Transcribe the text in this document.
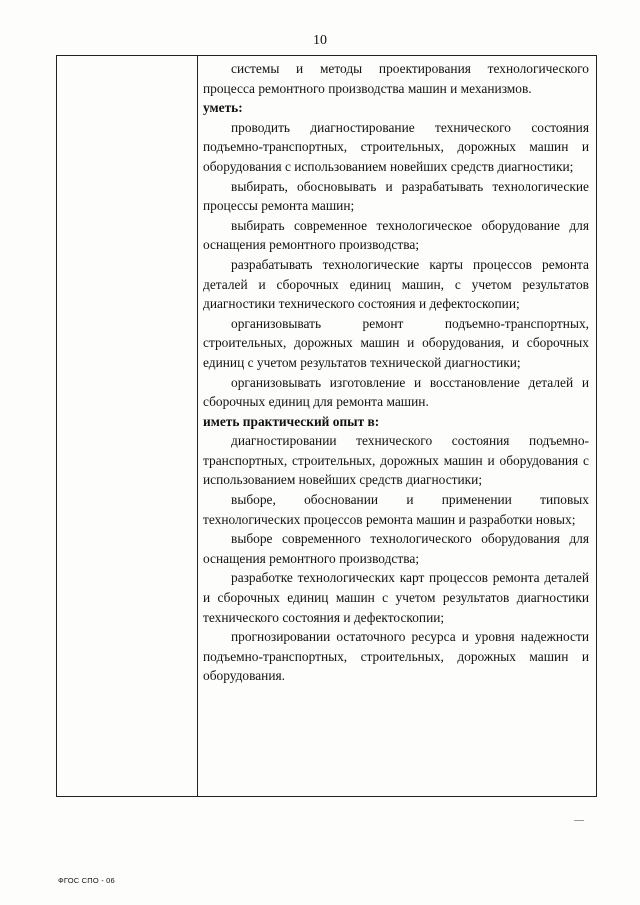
10

системы и методы проектирования технологического процесса ремонтного производства машин и механизмов.

уметь:

проводить диагностирование технического состояния подъемно-транспортных, строительных, дорожных машин и оборудования с использованием новейших средств диагностики;

выбирать, обосновывать и разрабатывать технологические процессы ремонта машин;

выбирать современное технологическое оборудование для оснащения ремонтного производства;

разрабатывать технологические карты процессов ремонта деталей и сборочных единиц машин, с учетом результатов диагностики технического состояния и дефектоскопии;

организовывать ремонт подъемно-транспортных, строительных, дорожных машин и оборудования, и сборочных единиц с учетом результатов технической диагностики;

организовывать изготовление и восстановление деталей и сборочных единиц для ремонта машин.

иметь практический опыт в:

диагностировании технического состояния подъемно-транспортных, строительных, дорожных машин и оборудования с использованием новейших средств диагностики;

выборе, обосновании и применении типовых технологических процессов ремонта машин и разработки новых;

выборе современного технологического оборудования для оснащения ремонтного производства;

разработке технологических карт процессов ремонта деталей и сборочных единиц машин с учетом результатов диагностики технического состояния и дефектоскопии;

прогнозировании остаточного ресурса и уровня надежности подъемно-транспортных, строительных, дорожных машин и оборудования.

ФГОС СПО - 06
